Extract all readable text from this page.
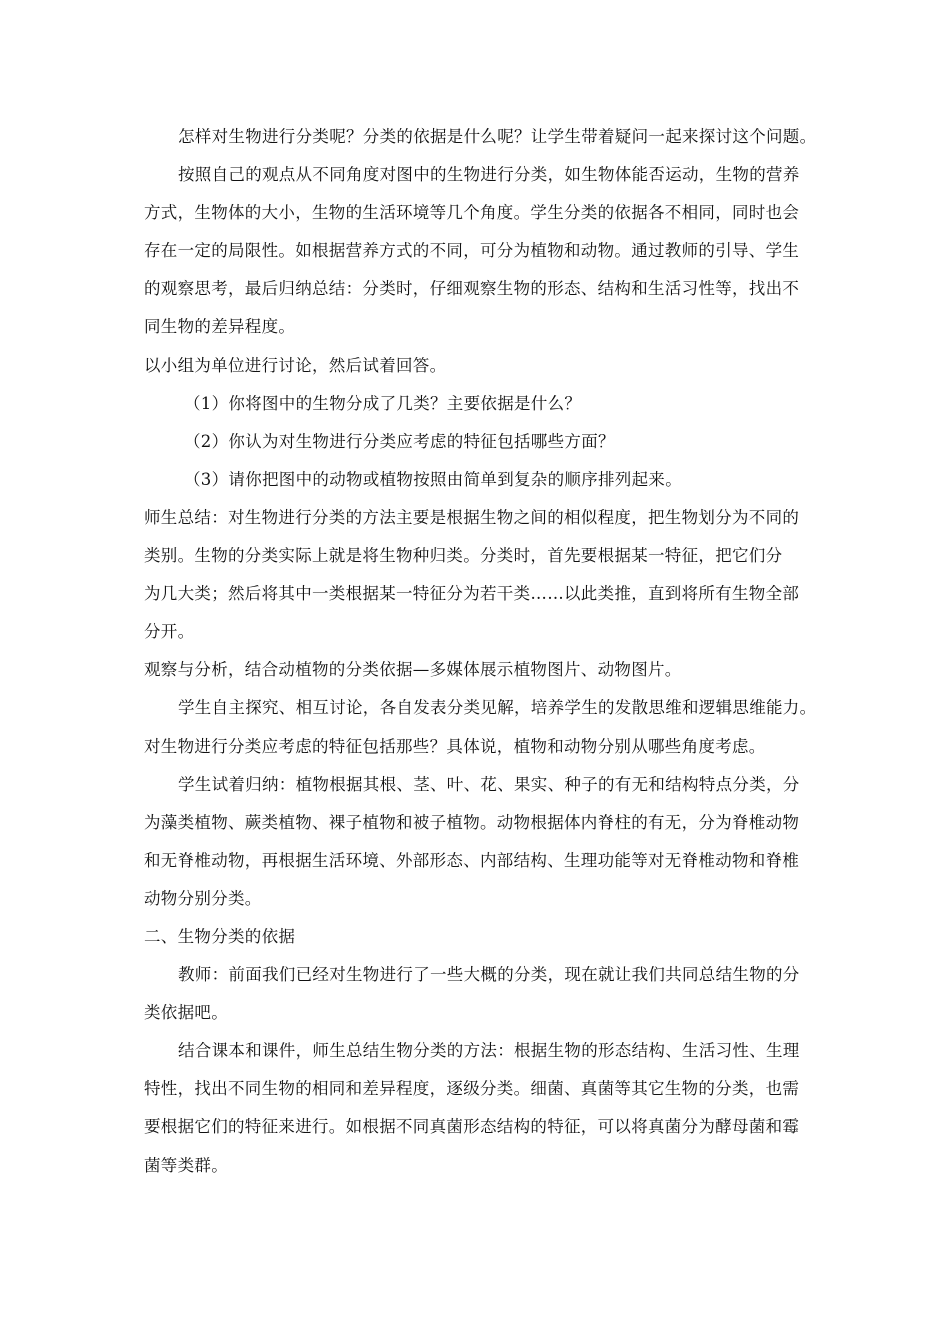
怎样对生物进行分类呢？分类的依据是什么呢？让学生带着疑问一起来探讨这个问题。
按照自己的观点从不同角度对图中的生物进行分类，如生物体能否运动，生物的营养
方式，生物体的大小，生物的生活环境等几个角度。学生分类的依据各不相同，同时也会
存在一定的局限性。如根据营养方式的不同，可分为植物和动物。通过教师的引导、学生
的观察思考，最后归纳总结：分类时，仔细观察生物的形态、结构和生活习性等，找出不
同生物的差异程度。
以小组为单位进行讨论，然后试着回答。
（1）你将图中的生物分成了几类？主要依据是什么？
（2）你认为对生物进行分类应考虑的特征包括哪些方面？
（3）请你把图中的动物或植物按照由简单到复杂的顺序排列起来。
师生总结：对生物进行分类的方法主要是根据生物之间的相似程度，把生物划分为不同的
类别。生物的分类实际上就是将生物种归类。分类时，首先要根据某一特征，把它们分
为几大类；然后将其中一类根据某一特征分为若干类……以此类推，直到将所有生物全部
分开。
观察与分析，结合动植物的分类依据—多媒体展示植物图片、动物图片。
学生自主探究、相互讨论，各自发表分类见解，培养学生的发散思维和逻辑思维能力。
对生物进行分类应考虑的特征包括那些？具体说，植物和动物分别从哪些角度考虑。
学生试着归纳：植物根据其根、茎、叶、花、果实、种子的有无和结构特点分类，分
为藻类植物、蕨类植物、裸子植物和被子植物。动物根据体内脊柱的有无，分为脊椎动物
和无脊椎动物，再根据生活环境、外部形态、内部结构、生理功能等对无脊椎动物和脊椎
动物分别分类。
二、生物分类的依据
教师：前面我们已经对生物进行了一些大概的分类，现在就让我们共同总结生物的分
类依据吧。
结合课本和课件，师生总结生物分类的方法：根据生物的形态结构、生活习性、生理
特性，找出不同生物的相同和差异程度，逐级分类。细菌、真菌等其它生物的分类，也需
要根据它们的特征来进行。如根据不同真菌形态结构的特征，可以将真菌分为酵母菌和霉
菌等类群。
